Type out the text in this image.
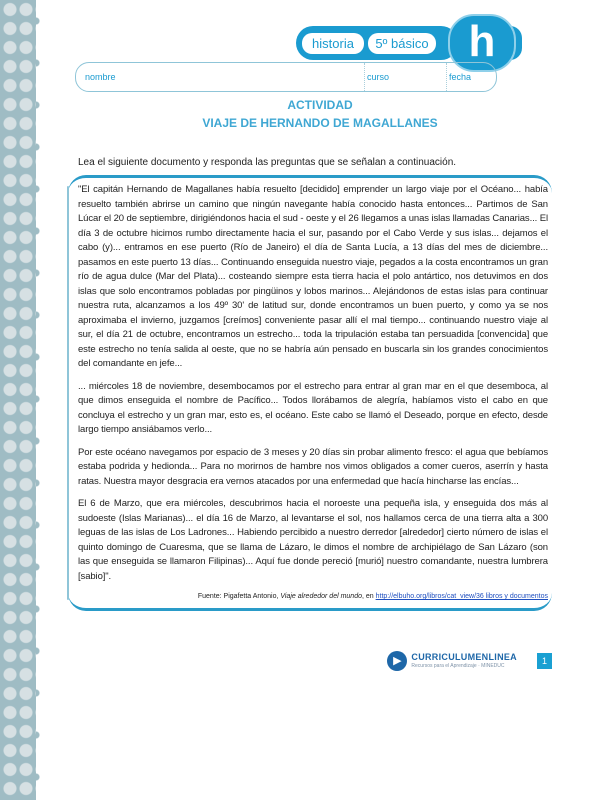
historia	5º básico h
nombre	curso	fecha
ACTIVIDAD
VIAJE DE HERNANDO DE MAGALLANES
Lea el siguiente documento y responda las preguntas que se señalan a continuación.

"El capitán Hernando de Magallanes había resuelto [decidido] emprender un largo viaje por el Océano... había resuelto también abrirse un camino que ningún navegante había conocido hasta entonces... Partimos de San Lúcar el 20 de septiembre, dirigiéndonos hacia el sud - oeste y el 26 llegamos a unas islas llamadas Canarias... El día 3 de octubre hicimos rumbo directamente hacia el sur, pasando por el Cabo Verde y sus islas... dejamos el cabo (y)... entramos en ese puerto (Río de Janeiro) el día de Santa Lucía, a 13 días del mes de diciembre... pasamos en este puerto 13 días... Continuando enseguida nuestro viaje, pegados a la costa encontramos un gran río de agua dulce (Mar del Plata)... costeando siempre esta tierra hacia el polo antártico, nos detuvimos en dos islas que solo encontramos pobladas por pingüinos y lobos marinos... Alejándonos de estas islas para continuar nuestra ruta, alcanzamos a los 49º 30' de latitud sur, donde encontramos un buen puerto, y como ya se nos aproximaba el invierno, juzgamos [creímos] conveniente pasar allí el mal tiempo... continuando nuestro viaje al sur, el día 21 de octubre, encontramos un estrecho... toda la tripulación estaba tan persuadida [convencida] que este estrecho no tenía salida al oeste, que no se habría aún pensado en buscarla sin los grandes conocimientos del comandante en jefe...

... miércoles 18 de noviembre, desembocamos por el estrecho para entrar al gran mar en el que desemboca, al que dimos enseguida el nombre de Pacífico... Todos llorábamos de alegría, habíamos visto el cabo en que concluya el estrecho y un gran mar, esto es, el océano. Este cabo se llamó el Deseado, porque en efecto, desde largo tiempo ansiábamos verlo...

Por este océano navegamos por espacio de 3 meses y 20 días sin probar alimento fresco: el agua que bebíamos estaba podrida y hedionda... Para no morirnos de hambre nos vimos obligados a comer cueros, aserrín y hasta ratas. Nuestra mayor desgracia era vernos atacados por una enfermedad que hacía hincharse las encías...

El 6 de Marzo, que era miércoles, descubrimos hacia el noroeste una pequeña isla, y enseguida dos más al sudoeste (Islas Marianas)... el día 16 de Marzo, al levantarse el sol, nos hallamos cerca de una tierra alta a 300 leguas de las islas de Los Ladrones... Habiendo percibido a nuestro derredor [alrededor] cierto número de islas el quinto domingo de Cuaresma, que se llama de Lázaro, le dimos el nombre de archipiélago de San Lázaro (son las que enseguida se llamaron Filipinas)... Aquí fue donde pereció [murió] nuestro comandante, nuestra lumbrera [sabio]".

Fuente: Pigafetta Antonio, Viaje alrededor del mundo, en http://elbuho.org/libros/cat_view/36 libros y documentos
▶	CURRICULUMENLINEA
Recursos para el Aprendizaje · MINEDUC	1
